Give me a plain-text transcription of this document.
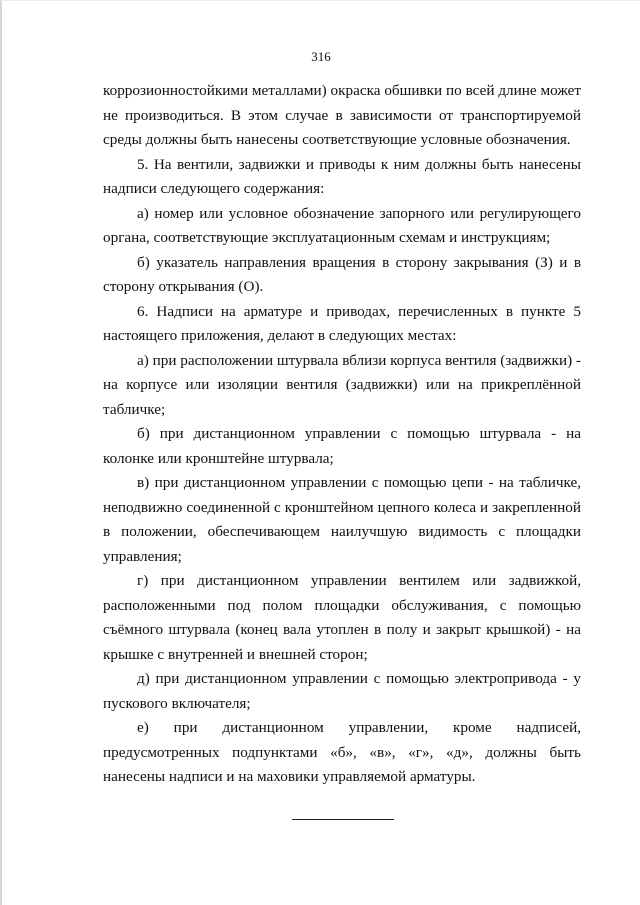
316

коррозионностойкими металлами) окраска обшивки по всей длине может не производиться. В этом случае в зависимости от транспортируемой среды должны быть нанесены соответствующие условные обозначения.

5. На вентили, задвижки и приводы к ним должны быть нанесены надписи следующего содержания:

а) номер или условное обозначение запорного или регулирующего органа, соответствующие эксплуатационным схемам и инструкциям;

б) указатель направления вращения в сторону закрывания (З) и в сторону открывания (О).

6. Надписи на арматуре и приводах, перечисленных в пункте 5 настоящего приложения, делают в следующих местах:

а) при расположении штурвала вблизи корпуса вентиля (задвижки) - на корпусе или изоляции вентиля (задвижки) или на прикреплённой табличке;

б) при дистанционном управлении с помощью штурвала - на колонке или кронштейне штурвала;

в) при дистанционном управлении с помощью цепи - на табличке, неподвижно соединенной с кронштейном цепного колеса и закрепленной в положении, обеспечивающем наилучшую видимость с площадки управления;

г) при дистанционном управлении вентилем или задвижкой, расположенными под полом площадки обслуживания, с помощью съёмного штурвала (конец вала утоплен в полу и закрыт крышкой) - на крышке с внутренней и внешней сторон;

д) при дистанционном управлении с помощью электропривода - у пускового включателя;

е) при дистанционном управлении, кроме надписей, предусмотренных подпунктами «б», «в», «г», «д», должны быть нанесены надписи и на маховики управляемой арматуры.
